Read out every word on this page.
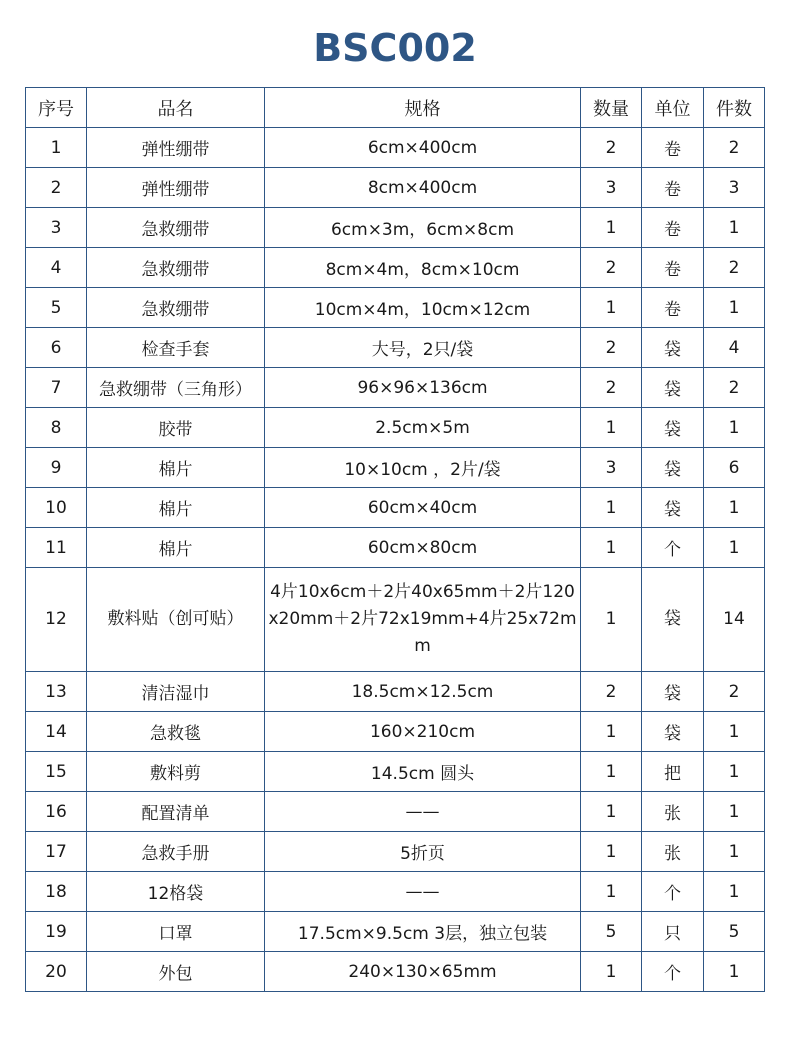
BSC002
序号	品名	规格	数量	单位	件数
1	弹性绷带	6cm×400cm	2	卷	2
2	弹性绷带	8cm×400cm	3	卷	3
3	急救绷带	6cm×3m，6cm×8cm	1	卷	1
4	急救绷带	8cm×4m，8cm×10cm	2	卷	2
5	急救绷带	10cm×4m，10cm×12cm	1	卷	1
6	检查手套	大号，2只/袋	2	袋	4
7	急救绷带（三角形）	96×96×136cm	2	袋	2
8	胶带	2.5cm×5m	1	袋	1
9	棉片	10×10cm ，2片/袋	3	袋	6
10	棉片	60cm×40cm	1	袋	1
11	棉片	60cm×80cm	1	个	1
12	敷料贴（创可贴）	4片10x6cm＋2片40x65mm＋2片120x20mm＋2片72x19mm+4片25x72mm	1	袋	14
13	清洁湿巾	18.5cm×12.5cm	2	袋	2
14	急救毯	160×210cm	1	袋	1
15	敷料剪	14.5cm 圆头	1	把	1
16	配置清单	——	1	张	1
17	急救手册	5折页	1	张	1
18	12格袋	——	1	个	1
19	口罩	17.5cm×9.5cm 3层，独立包装	5	只	5
20	外包	240×130×65mm	1	个	1
